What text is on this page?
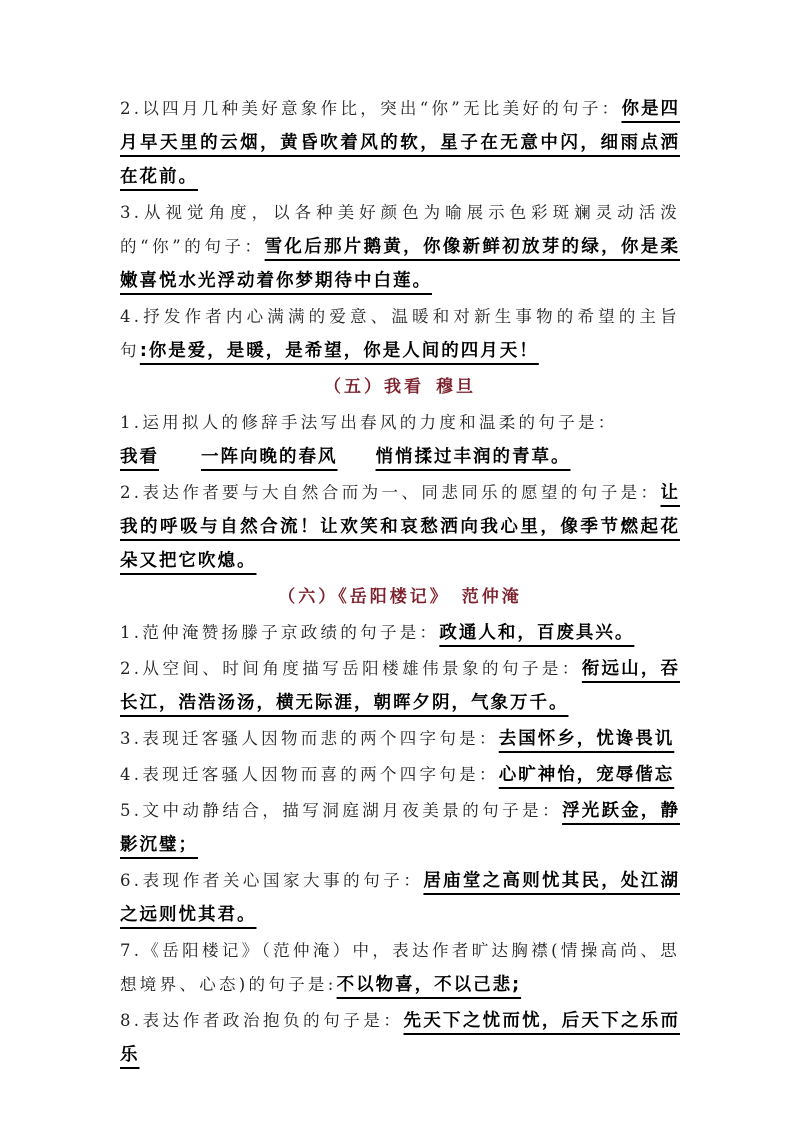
2.以四月几种美好意象作比，突出“你”无比美好的句子：你是四月早天里的云烟，黄昏吹着风的软，星子在无意中闪，细雨点洒在花前。
3.从视觉角度，以各种美好颜色为喻展示色彩斑斓灵动活泼的“你”的句子：雪化后那片鹅黄，你像新鲜初放芽的绿，你是柔嫩喜悦水光浮动着你梦期待中白莲。
4.抒发作者内心满满的爱意、温暖和对新生事物的希望的主旨句:你是爱，是暖，是希望，你是人间的四月天！
（五）我看 穆旦
1.运用拟人的修辞手法写出春风的力度和温柔的句子是：
我看 一阵向晚的春风 悄悄揉过丰润的青草。
2.表达作者要与大自然合而为一、同悲同乐的愿望的句子是：让我的呼吸与自然合流！让欢笑和哀愁洒向我心里，像季节燃起花朵又把它吹熄。
（六）《岳阳楼记》 范仲淹
1.范仲淹赞扬滕子京政绩的句子是：政通人和，百废具兴。
2.从空间、时间角度描写岳阳楼雄伟景象的句子是：衔远山，吞长江，浩浩汤汤，横无际涯，朝晖夕阴，气象万千。
3.表现迁客骚人因物而悲的两个四字句是：去国怀乡，忧谗畏讥
4.表现迁客骚人因物而喜的两个四字句是：心旷神怡，宠辱偕忘
5.文中动静结合，描写洞庭湖月夜美景的句子是：浮光跃金，静影沉璧；
6.表现作者关心国家大事的句子：居庙堂之高则忧其民，处江湖之远则忧其君。
7.《岳阳楼记》（范仲淹）中，表达作者旷达胸襟(情操高尚、思想境界、心态)的句子是:不以物喜，不以己悲;
8.表达作者政治抱负的句子是：先天下之忧而忧，后天下之乐而乐
